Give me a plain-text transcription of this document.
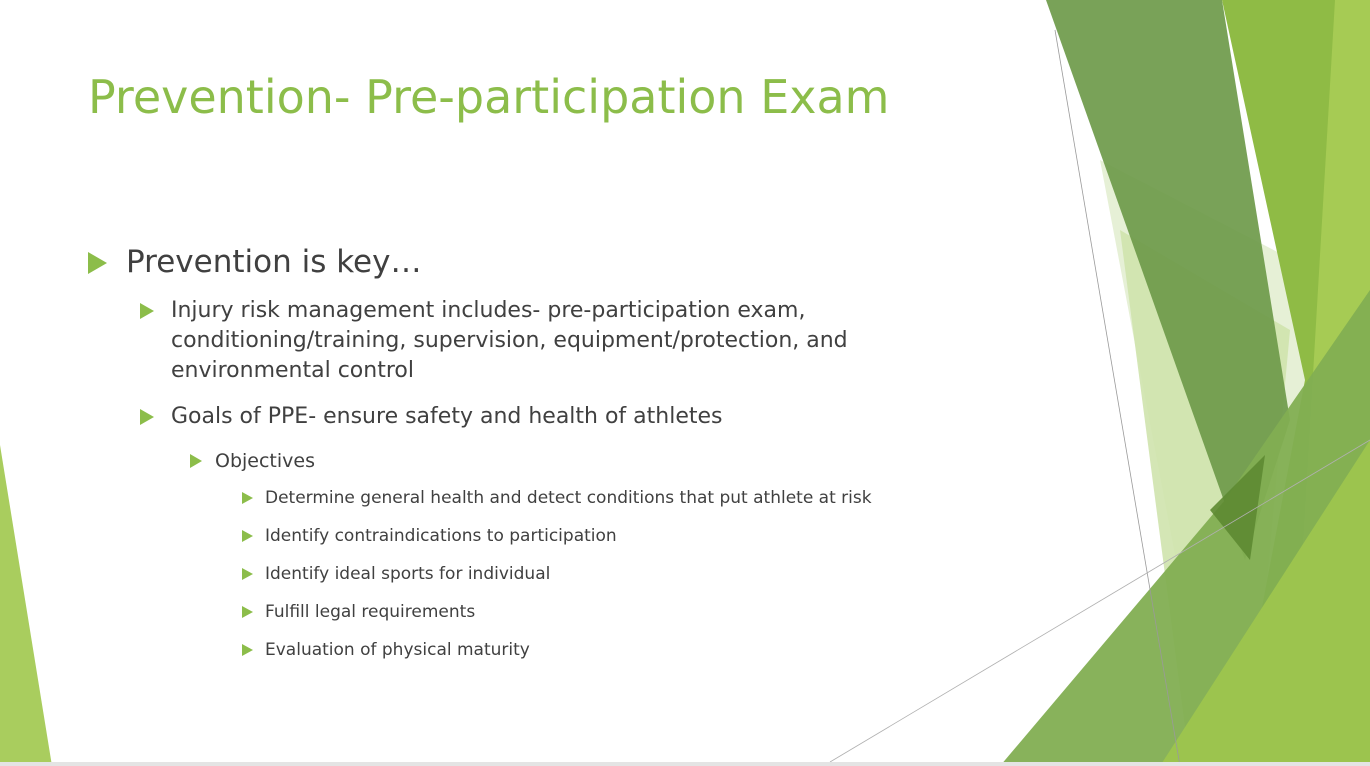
Prevention- Pre-participation Exam
Prevention is key…
Injury risk management includes- pre-participation exam,
conditioning/training, supervision, equipment/protection, and
environmental control
Goals of PPE- ensure safety and health of athletes
Objectives
Determine general health and detect conditions that put athlete at risk
Identify contraindications to participation
Identify ideal sports for individual
Fulfill legal requirements
Evaluation of physical maturity
